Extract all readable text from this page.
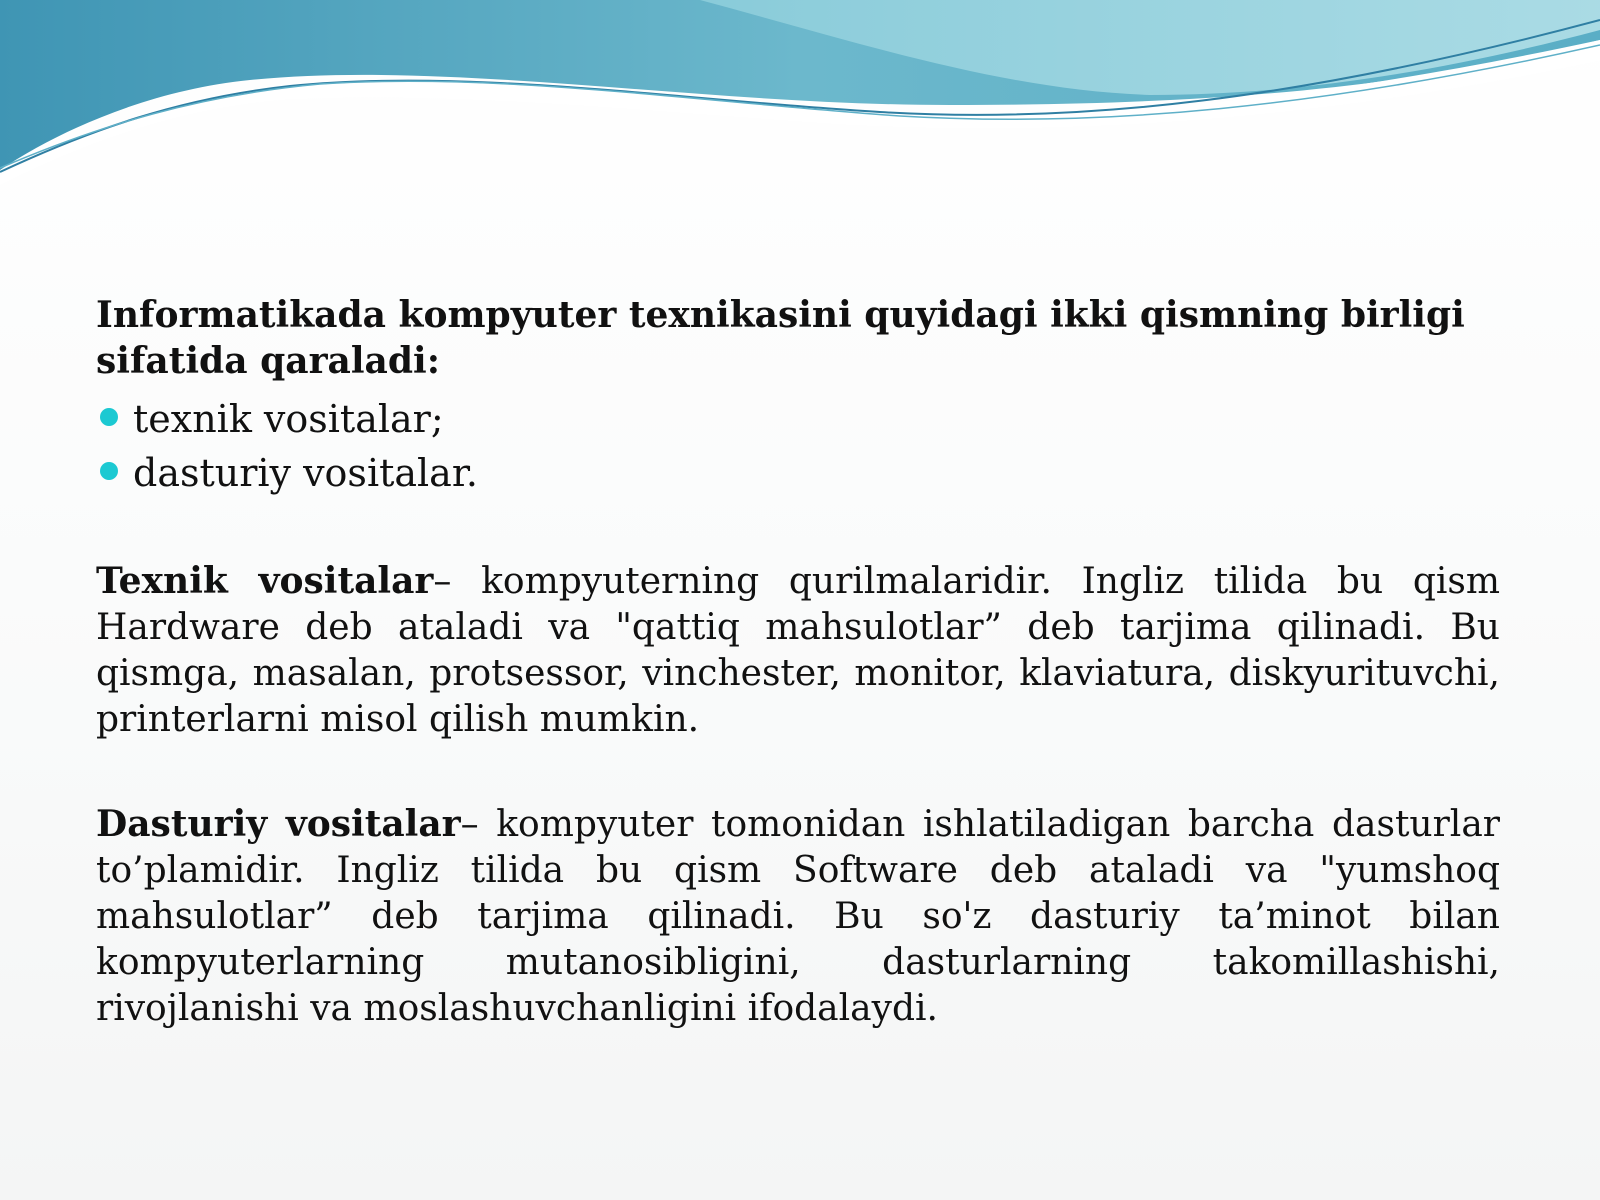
Informatikada kompyuter texnikasini quyidagi ikki qismning birligi sifatida qaraladi:

texnik vositalar;
dasturiy vositalar.

Texnik vositalar– kompyuterning qurilmalaridir. Ingliz tilida bu qism Hardware deb ataladi va "qattiq mahsulotlar” deb tarjima qilinadi. Bu qismga, masalan, protsessor, vinchester, monitor, klaviatura, diskyurituvchi, printerlarni misol qilish mumkin.

Dasturiy vositalar– kompyuter tomonidan ishlatiladigan barcha dasturlar to’plamidir. Ingliz tilida bu qism Software deb ataladi va "yumshoq mahsulotlar” deb tarjima qilinadi. Bu so'z dasturiy ta’minot bilan kompyuterlarning mutanosibligini, dasturlarning takomillashishi, rivojlanishi va moslashuvchanligini ifodalaydi.
